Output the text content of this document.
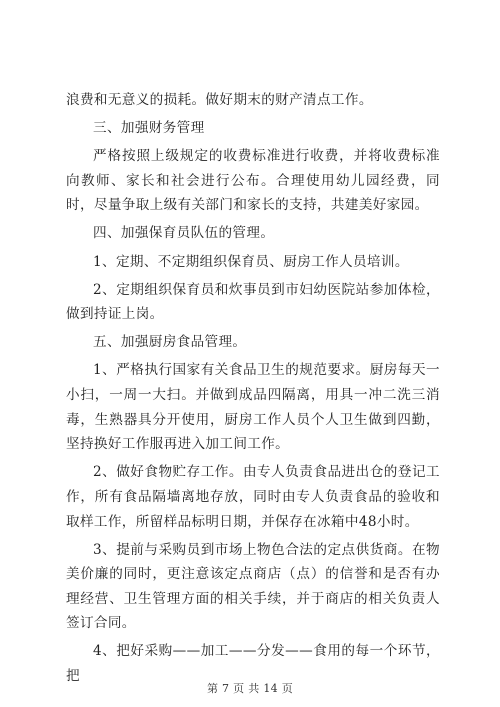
浪费和无意义的损耗。做好期末的财产清点工作。

三、加强财务管理

严格按照上级规定的收费标准进行收费，并将收费标准向教师、家长和社会进行公布。合理使用幼儿园经费，同时，尽量争取上级有关部门和家长的支持，共建美好家园。

四、加强保育员队伍的管理。

1、定期、不定期组织保育员、厨房工作人员培训。

2、定期组织保育员和炊事员到市妇幼医院站参加体检，做到持证上岗。

五、加强厨房食品管理。

1、严格执行国家有关食品卫生的规范要求。厨房每天一小扫，一周一大扫。并做到成品四隔离，用具一冲二洗三消毒，生熟器具分开使用，厨房工作人员个人卫生做到四勤，坚持换好工作服再进入加工间工作。

2、做好食物贮存工作。由专人负责食品进出仓的登记工作，所有食品隔墙离地存放，同时由专人负责食品的验收和取样工作，所留样品标明日期，并保存在冰箱中48小时。

3、提前与采购员到市场上物色合法的定点供货商。在物美价廉的同时，更注意该定点商店（点）的信誉和是否有办理经营、卫生管理方面的相关手续，并于商店的相关负责人签订合同。

4、把好采购——加工——分发——食用的每一个环节，把

第 7 页 共 14 页
